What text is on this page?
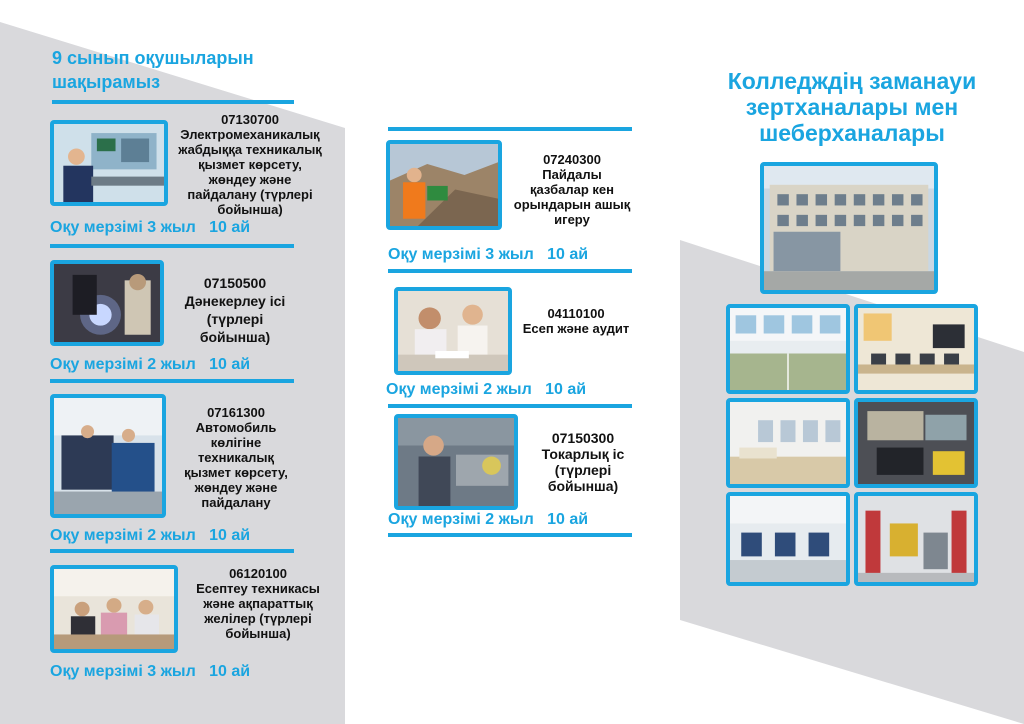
9 сынып оқушыларын
шақырамыз
07130700
Электромеханикалық жабдыққа техникалық қызмет көрсету, жөндеу және пайдалану (түрлері бойынша)
Оқу мерзімі 3 жыл   10 ай
07150500
Дәнекерлеу ісі (түрлері бойынша)
Оқу мерзімі 2 жыл   10 ай
07161300
Автомобиль көлігіне техникалық қызмет көрсету, жөндеу және пайдалану
Оқу мерзімі 2 жыл   10 ай
06120100
Есептеу техникасы және ақпараттық желілер (түрлері бойынша)
Оқу мерзімі 3 жыл   10 ай
07240300
Пайдалы қазбалар кен орындарын ашық игеру
Оқу мерзімі 3 жыл   10 ай
04110100
Есеп және аудит
Оқу мерзімі 2 жыл   10 ай
07150300
Токарлық іс (түрлері бойынша)
Оқу мерзімі 2 жыл   10 ай
Колледждің заманауи зертханалары мен шеберханалары
